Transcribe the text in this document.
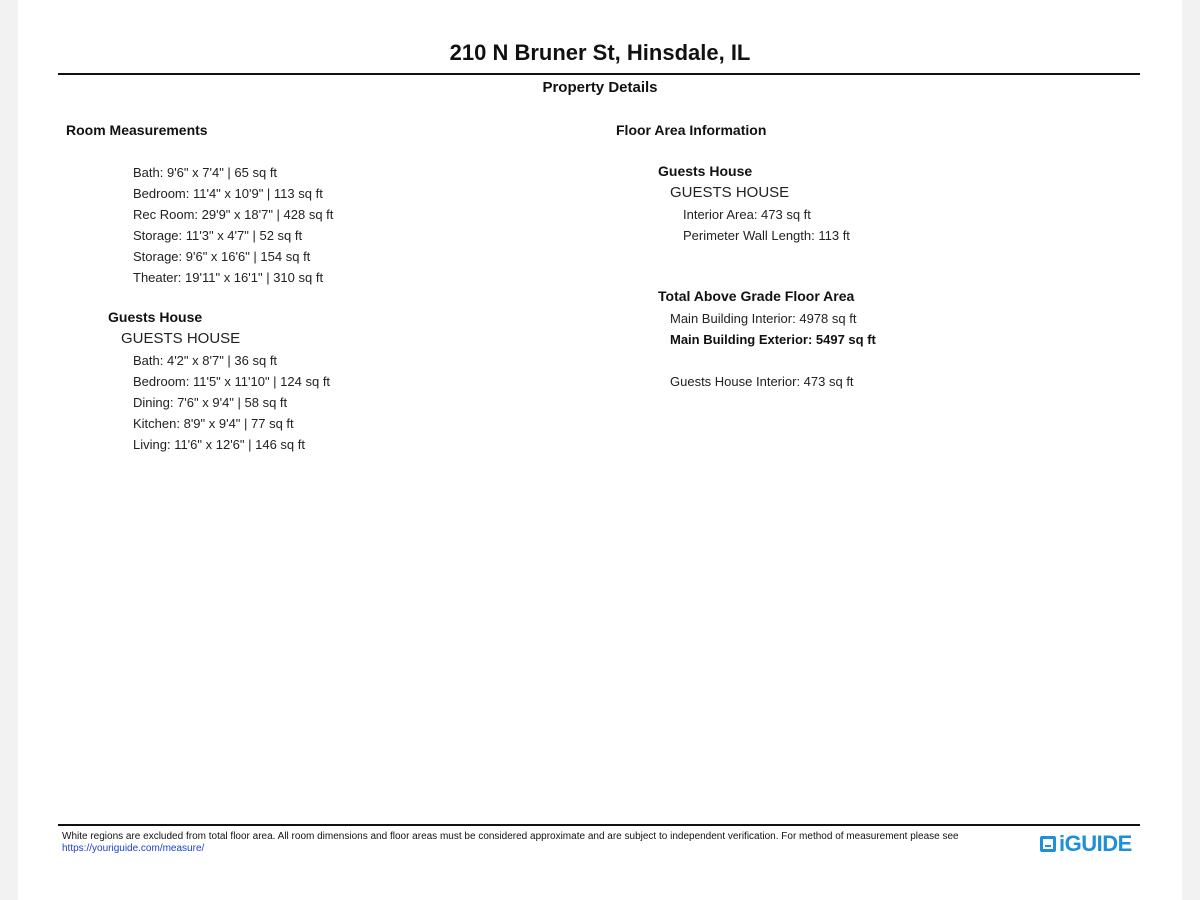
210 N Bruner St, Hinsdale, IL
Property Details
Room Measurements
Bath: 9'6" x 7'4" | 65 sq ft
Bedroom: 11'4" x 10'9" | 113 sq ft
Rec Room: 29'9" x 18'7" | 428 sq ft
Storage: 11'3" x 4'7" | 52 sq ft
Storage: 9'6" x 16'6" | 154 sq ft
Theater: 19'11" x 16'1" | 310 sq ft
Guests House
GUESTS HOUSE
Bath: 4'2" x 8'7" | 36 sq ft
Bedroom: 11'5" x 11'10" | 124 sq ft
Dining: 7'6" x 9'4" | 58 sq ft
Kitchen: 8'9" x 9'4" | 77 sq ft
Living: 11'6" x 12'6" | 146 sq ft
Floor Area Information
Guests House
GUESTS HOUSE
Interior Area: 473 sq ft
Perimeter Wall Length: 113 ft
Total Above Grade Floor Area
Main Building Interior: 4978 sq ft
Main Building Exterior: 5497 sq ft
Guests House Interior: 473 sq ft
White regions are excluded from total floor area. All room dimensions and floor areas must be considered approximate and are subject to independent verification. For method of measurement please see https://youriguide.com/measure/	iGUIDE
